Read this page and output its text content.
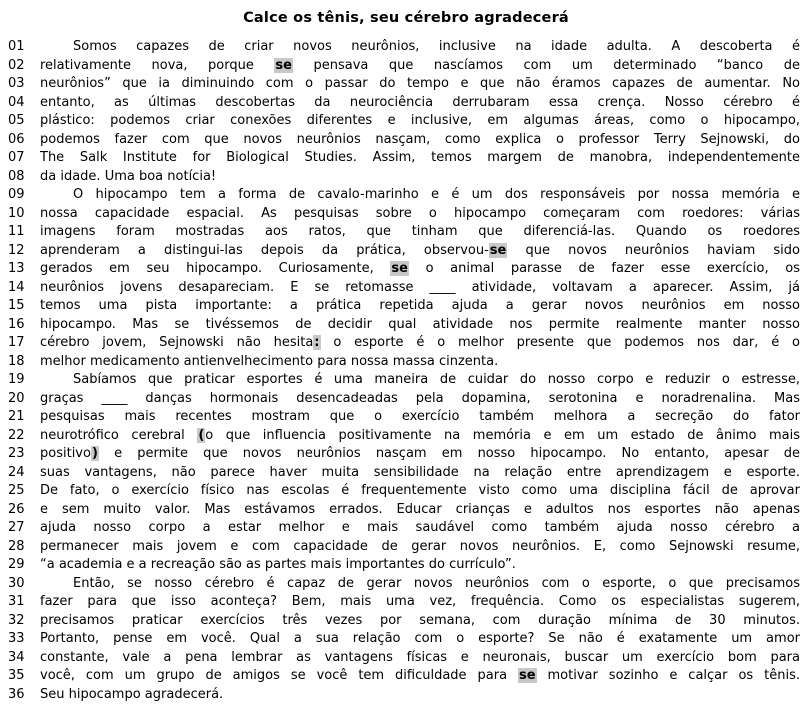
Calce os tênis, seu cérebro agradecerá
01	Somos capazes de criar novos neurônios, inclusive na idade adulta. A descoberta é
02	relativamente nova, porque se pensava que nascíamos com um determinado “banco de
03	neurônios” que ia diminuindo com o passar do tempo e que não éramos capazes de aumentar. No
04	entanto, as últimas descobertas da neurociência derrubaram essa crença. Nosso cérebro é
05	plástico: podemos criar conexões diferentes e inclusive, em algumas áreas, como o hipocampo,
06	podemos fazer com que novos neurônios nasçam, como explica o professor Terry Sejnowski, do
07	The Salk Institute for Biological Studies. Assim, temos margem de manobra, independentemente
08	da idade. Uma boa notícia!
09	O hipocampo tem a forma de cavalo-marinho e é um dos responsáveis por nossa memória e
10	nossa capacidade espacial. As pesquisas sobre o hipocampo começaram com roedores: várias
11	imagens foram mostradas aos ratos, que tinham que diferenciá-las. Quando os roedores
12	aprenderam a distingui-las depois da prática, observou-se que novos neurônios haviam sido
13	gerados em seu hipocampo. Curiosamente, se o animal parasse de fazer esse exercício, os
14	neurônios jovens desapareciam. E se retomasse ____ atividade, voltavam a aparecer. Assim, já
15	temos uma pista importante: a prática repetida ajuda a gerar novos neurônios em nosso
16	hipocampo. Mas se tivéssemos de decidir qual atividade nos permite realmente manter nosso
17	cérebro jovem, Sejnowski não hesita: o esporte é o melhor presente que podemos nos dar, é o
18	melhor medicamento antienvelhecimento para nossa massa cinzenta.
19	Sabíamos que praticar esportes é uma maneira de cuidar do nosso corpo e reduzir o estresse,
20	graças ____ danças hormonais desencadeadas pela dopamina, serotonina e noradrenalina. Mas
21	pesquisas mais recentes mostram que o exercício também melhora a secreção do fator
22	neurotrófico cerebral (o que influencia positivamente na memória e em um estado de ânimo mais
23	positivo) e permite que novos neurônios nasçam em nosso hipocampo. No entanto, apesar de
24	suas vantagens, não parece haver muita sensibilidade na relação entre aprendizagem e esporte.
25	De fato, o exercício físico nas escolas é frequentemente visto como uma disciplina fácil de aprovar
26	e sem muito valor. Mas estávamos errados. Educar crianças e adultos nos esportes não apenas
27	ajuda nosso corpo a estar melhor e mais saudável como também ajuda nosso cérebro a
28	permanecer mais jovem e com capacidade de gerar novos neurônios. E, como Sejnowski resume,
29	“a academia e a recreação são as partes mais importantes do currículo”.
30	Então, se nosso cérebro é capaz de gerar novos neurônios com o esporte, o que precisamos
31	fazer para que isso aconteça? Bem, mais uma vez, frequência. Como os especialistas sugerem,
32	precisamos praticar exercícios três vezes por semana, com duração mínima de 30 minutos.
33	Portanto, pense em você. Qual a sua relação com o esporte? Se não é exatamente um amor
34	constante, vale a pena lembrar as vantagens físicas e neuronais, buscar um exercício bom para
35	você, com um grupo de amigos se você tem dificuldade para se motivar sozinho e calçar os tênis.
36	Seu hipocampo agradecerá.
